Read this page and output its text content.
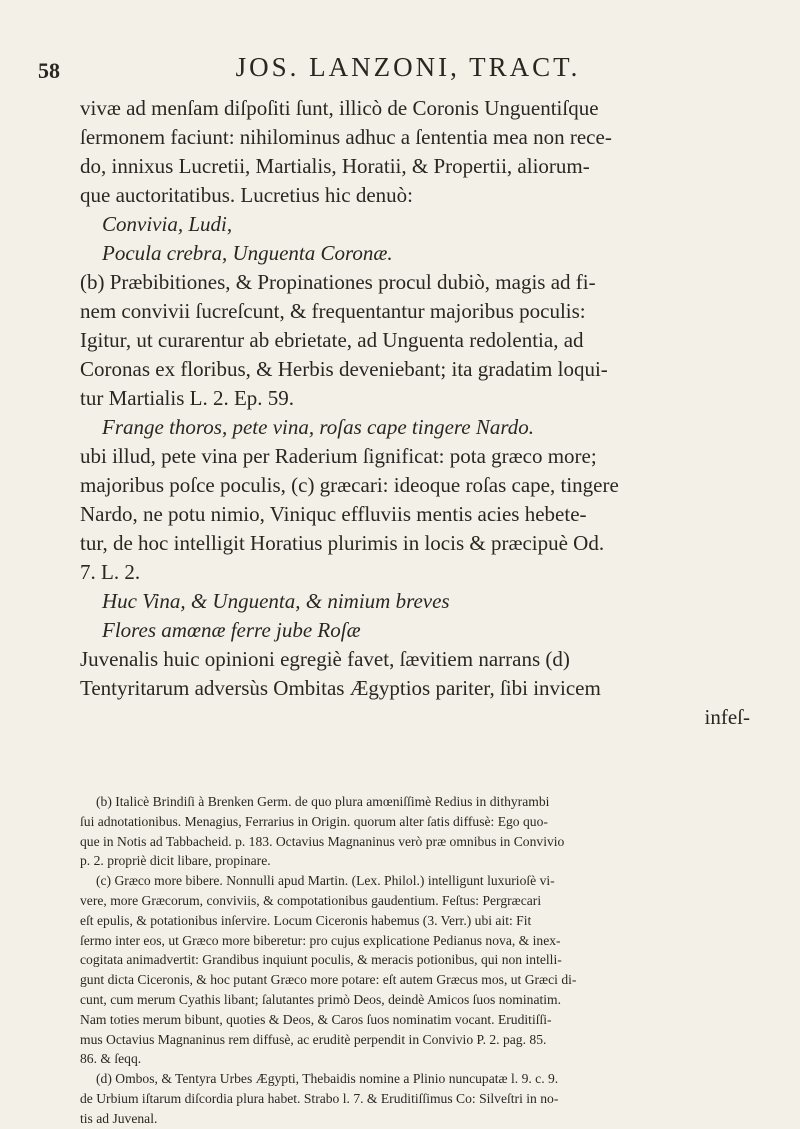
58	JOS. LANZONI, TRACT.

vivæ ad menſam diſpoſiti ſunt, illicò de Coronis Unguentiſque

ſermonem faciunt: nihilominus adhuc a ſententia mea non rece-

do, innixus Lucretii, Martialis, Horatii, & Propertii, aliorum-

que auctoritatibus. Lucretius hic denuò:

Convivia, Ludi,

Pocula crebra, Unguenta Coronæ.

(b) Præbibitiones, & Propinationes procul dubiò, magis ad fi-

nem convivii ſucreſcunt, & frequentantur majoribus poculis:

Igitur, ut curarentur ab ebrietate, ad Unguenta redolentia, ad

Coronas ex floribus, & Herbis deveniebant; ita gradatim loqui-

tur Martialis L. 2. Ep. 59.

Frange thoros, pete vina, roſas cape tingere Nardo.

ubi illud, pete vina per Raderium ſignificat: pota græco more;

majoribus poſce poculis, (c) græcari: ideoque roſas cape, tingere

Nardo, ne potu nimio, Viniquc effluviis mentis acies hebete-

tur, de hoc intelligit Horatius plurimis in locis & præcipuè Od.

7. L. 2.

Huc Vina, & Unguenta, & nimium breves

Flores amœnæ ferre jube Roſæ

Juvenalis huic opinioni egregiè favet, ſævitiem narrans (d)

Tentyritarum adversùs Ombitas Ægyptios pariter, ſibi invicem

infeſ-

(b) Italicè Brindiſi à Brenken Germ. de quo plura amœniſſimè Redius in dithyrambi

ſui adnotationibus. Menagius, Ferrarius in Origin. quorum alter ſatis diffusè: Ego quo-

que in Notis ad Tabbacheid. p. 183. Octavius Magnaninus verò præ omnibus in Convivio

p. 2. propriè dicit libare, propinare.

(c) Græco more bibere. Nonnulli apud Martin. (Lex. Philol.) intelligunt luxurioſè vi-

vere, more Græcorum, conviviis, & compotationibus gaudentium. Feſtus: Pergræcari

eſt epulis, & potationibus inſervire. Locum Ciceronis habemus (3. Verr.) ubi ait: Fit

ſermo inter eos, ut Græco more biberetur: pro cujus explicatione Pedianus nova, & inex-

cogitata animadvertit: Grandibus inquiunt poculis, & meracis potionibus, qui non intelli-

gunt dicta Ciceronis, & hoc putant Græco more potare: eſt autem Græcus mos, ut Græci di-

cunt, cum merum Cyathis libant; ſalutantes primò Deos, deindè Amicos ſuos nominatim.

Nam toties merum bibunt, quoties & Deos, & Caros ſuos nominatim vocant. Eruditiſſi-

mus Octavius Magnaninus rem diffusè, ac eruditè perpendit in Convivio P. 2. pag. 85.

86. & ſeqq.

(d) Ombos, & Tentyra Urbes Ægypti, Thebaidis nomine a Plinio nuncupatæ l. 9. c. 9.

de Urbium iſtarum diſcordia plura habet. Strabo l. 7. & Eruditiſſimus Co: Silveſtri in no-

tis ad Juvenal.
